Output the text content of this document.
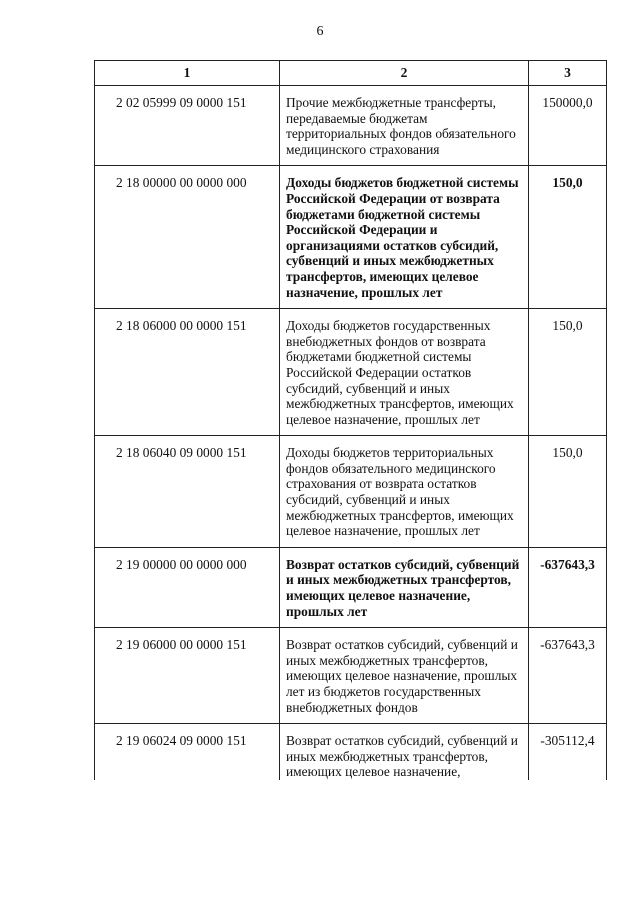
6
1	2	3
2 02 05999 09 0000 151	Прочие межбюджетные трансферты, передаваемые бюджетам территориальных фондов обязательного медицинского страхования	150000,0
2 18 00000 00 0000 000	Доходы бюджетов бюджетной системы Российской Федерации от возврата бюджетами бюджетной системы Российской Федерации и организациями остатков субсидий, субвенций и иных межбюджетных трансфертов, имеющих целевое назначение, прошлых лет	150,0
2 18 06000 00 0000 151	Доходы бюджетов государственных внебюджетных фондов от возврата бюджетами бюджетной системы Российской Федерации остатков субсидий, субвенций и иных межбюджетных трансфертов, имеющих целевое назначение, прошлых лет	150,0
2 18 06040 09 0000 151	Доходы бюджетов территориальных фондов обязательного медицинского страхования от возврата остатков субсидий, субвенций и иных межбюджетных трансфертов, имеющих целевое назначение, прошлых лет	150,0
2 19 00000 00 0000 000	Возврат остатков субсидий, субвенций и иных межбюджетных трансфертов, имеющих целевое назначение, прошлых лет	-637643,3
2 19 06000 00 0000 151	Возврат остатков субсидий, субвенций и иных межбюджетных трансфертов, имеющих целевое назначение, прошлых лет из бюджетов государственных внебюджетных фондов	-637643,3
2 19 06024 09 0000 151	Возврат остатков субсидий, субвенций и иных межбюджетных трансфертов, имеющих целевое назначение,	-305112,4
